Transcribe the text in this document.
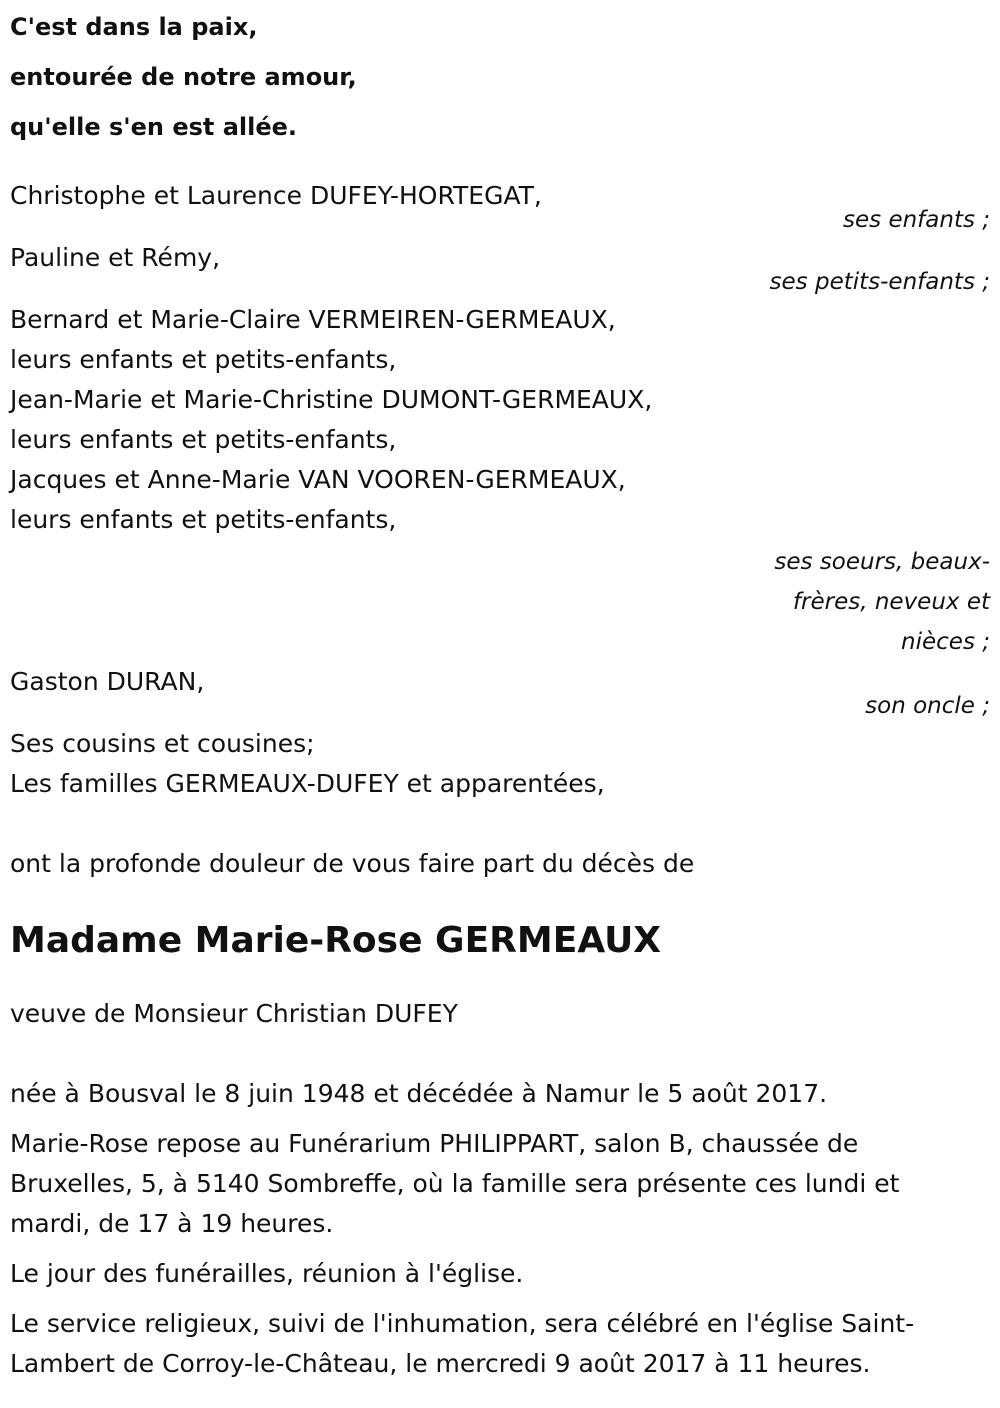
C'est dans la paix,
entourée de notre amour,
qu'elle s'en est allée.
Christophe et Laurence DUFEY-HORTEGAT,
ses enfants ;
Pauline et Rémy,
ses petits-enfants ;
Bernard et Marie-Claire VERMEIREN-GERMEAUX,
leurs enfants et petits-enfants,
Jean-Marie et Marie-Christine DUMONT-GERMEAUX,
leurs enfants et petits-enfants,
Jacques et Anne-Marie VAN VOOREN-GERMEAUX,
leurs enfants et petits-enfants,
ses soeurs, beaux-
frères, neveux et
nièces ;
Gaston DURAN,
son oncle ;
Ses cousins et cousines;
Les familles GERMEAUX-DUFEY et apparentées,
ont la profonde douleur de vous faire part du décès de
Madame Marie-Rose GERMEAUX
veuve de Monsieur Christian DUFEY
née à Bousval le 8 juin 1948 et décédée à Namur le 5 août 2017.
Marie-Rose repose au Funérarium PHILIPPART, salon B, chaussée de
Bruxelles, 5, à 5140 Sombreffe, où la famille sera présente ces lundi et
mardi, de 17 à 19 heures.
Le jour des funérailles, réunion à l'église.
Le service religieux, suivi de l'inhumation, sera célébré en l'église Saint-
Lambert de Corroy-le-Château, le mercredi 9 août 2017 à 11 heures.
